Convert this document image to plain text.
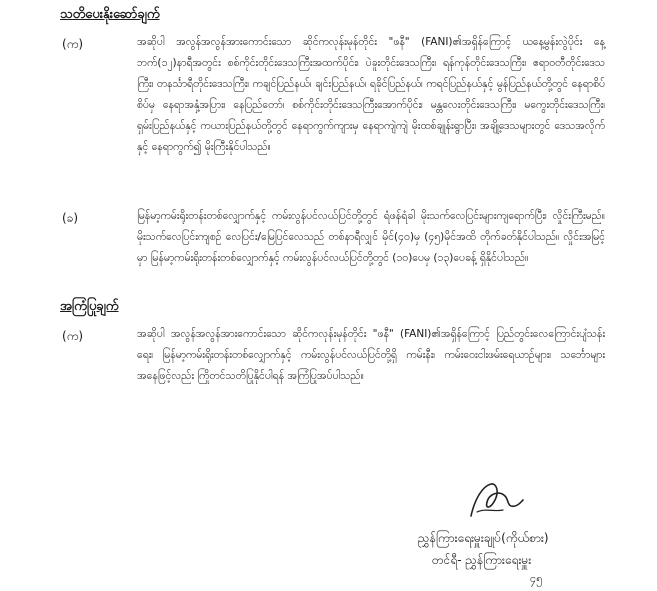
သတိပေးနိုးဆော်ချက်
(က)	အဆိုပါ အလွန်အလွန်အားကောင်းသော ဆိုင်ကလုန်းမုန်တိုင်း "ဖနီ" (FANI)၏အရှိန်ကြောင့် ယနေ့မွန်းလွဲပိုင်း နေ့ဘက်(၁၂)နာရီအတွင်း စစ်ကိုင်းတိုင်းဒေသကြီးအထက်ပိုင်း၊ ပဲခူးတိုင်းဒေသကြီး၊ ရန်ကုန်တိုင်းဒေသကြီး၊ ဧရာဝတီတိုင်းဒေသကြီး၊ တနင်္သာရီတိုင်းဒေသကြီး၊ ကချင်ပြည်နယ်၊ ချင်းပြည်နယ်၊ ရခိုင်ပြည်နယ်၊ ကရင်ပြည်နယ်နှင့် မွန်ပြည်နယ်တို့တွင် နေရာစိပ်စိပ်မှ နေရာအနှံ့အပြား၊ နေပြည်တော်၊ စစ်ကိုင်းတိုင်းဒေသကြီးအောက်ပိုင်း၊ မန္တလေးတိုင်းဒေသကြီး၊ မကွေးတိုင်းဒေသကြီး၊ ရှမ်းပြည်နယ်နှင့် ကယားပြည်နယ်တို့တွင် နေရာကွက်ကျားမှ နေရာကျဲကျဲ မိုးထစ်ချုန်းရွာပြီး၊ အချို့ဒေသများတွင် ဒေသအလိုက်နှင့် နေရာကွက်၍ မိုးကြီးနိုင်ပါသည်။
(ခ)	မြန်မာ့ကမ်းရိုးတန်းတစ်လျှောက်နှင့် ကမ်းလွန်ပင်လယ်ပြင်တို့တွင် ရံဖန်ရံခါ မိုးသက်လေပြင်းများကျရောက်ပြီး၊ လှိုင်းကြီးမည်။ မိုးသက်လေပြင်းကျစဉ် လေပြင်း/မြေပြင်လေသည် တစ်နာရီလျှင် မိုင်(၄၀)မှ (၄၅)မိုင်အထိ တိုက်ခတ်နိုင်ပါသည်။ လှိုင်းအမြင့်မှာ မြန်မာ့ကမ်းရိုးတန်းတစ်လျှောက်နှင့် ကမ်းလွန်ပင်လယ်ပြင်တို့တွင် (၁၀)ပေမှ (၁၃)ပေခန့် ရှိနိုင်ပါသည်။
အကြံပြုချက်
(က)	အဆိုပါ အလွန်အလွန်အားကောင်းသော ဆိုင်ကလုန်းမုန်တိုင်း "ဖနီ" (FANI)၏အရှိန်ကြောင့် ပြည်တွင်းလေကြောင်းပျံသန်းရေး၊ မြန်မာ့ကမ်းရိုးတန်းတစ်လျှောက်နှင့် ကမ်းလွန်ပင်လယ်ပြင်တို့ရှိ ကမ်းနီး၊ ကမ်းဝေးငါးဖမ်းရေယာဉ်များ၊ သင်္ဘောများအနေဖြင့်လည်း ကြိုတင်သတိပြုနိုင်ပါရန် အကြံပြုအပ်ပါသည်။
ညွှန်ကြားရေးမှူးချုပ်(ကိုယ်စား)
တင်ရီ- ညွှန်ကြားရေးမှူး
၄၅
